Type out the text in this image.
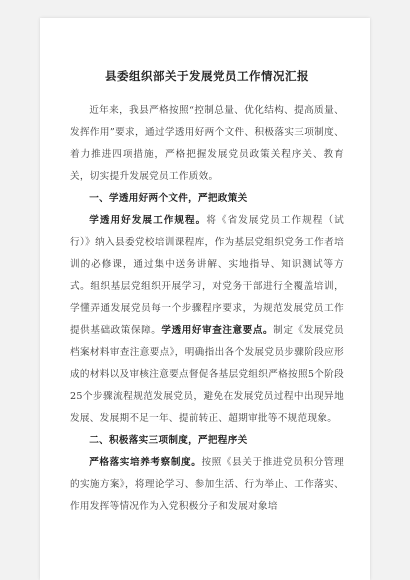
县委组织部关于发展党员工作情况汇报

近年来，我县严格按照“控制总量、优化结构、提高质量、发挥作用”要求，通过学透用好两个文件、积极落实三项制度、着力推进四项措施，严格把握发展党员政策关程序关、教育关，切实提升发展党员工作质效。

一、学透用好两个文件，严把政策关

学透用好发展工作规程。将《省发展党员工作规程（试行）》纳入县委党校培训课程库，作为基层党组织党务工作者培训的必修课，通过集中送务讲解、实地指导、知识测试等方式。组织基层党组织开展学习，对党务干部进行全覆盖培训，学懂弄通发展党员每一个步骤程序要求，为规范发展党员工作提供基础政策保障。学透用好审查注意要点。制定《发展党员档案材料审查注意要点》，明确指出各个发展党员步骤阶段应形成的材料以及审核注意要点督促各基层党组织严格按照5个阶段25个步骤流程规范发展党员，避免在发展党员过程中出现异地发展、发展期不足一年、提前转正、超期审批等不规范现象。

二、积极落实三项制度，严把程序关

严格落实培养考察制度。按照《县关于推进党员积分管理的实施方案》，将理论学习、参加生活、行为举止、工作落实、作用发挥等情况作为入党积极分子和发展对象培
